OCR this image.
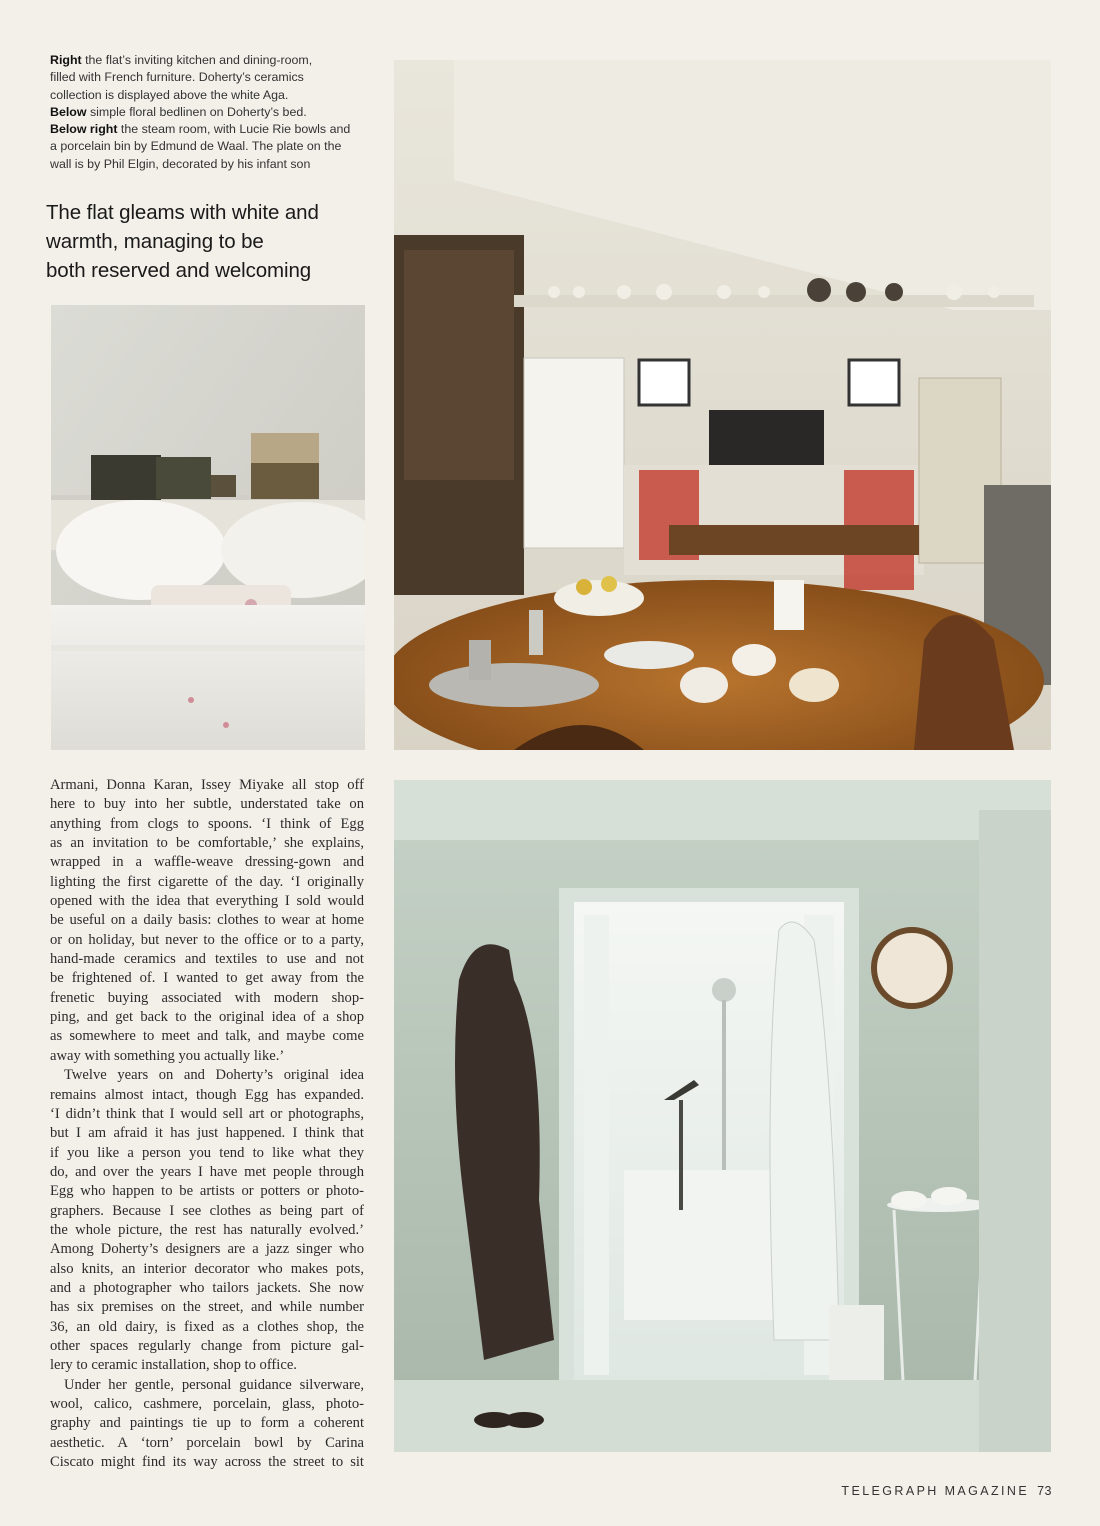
Right the flat’s inviting kitchen and dining-room,
filled with French furniture. Doherty’s ceramics
collection is displayed above the white Aga.

Below simple floral bedlinen on Doherty’s bed.

Below right the steam room, with Lucie Rie bowls and
a porcelain bin by Edmund de Waal. The plate on the
wall is by Phil Elgin, decorated by his infant son

The flat gleams with white and
warmth, managing to be
both reserved and welcoming

Armani, Donna Karan, Issey Miyake all stop off
here to buy into her subtle, understated take on
anything from clogs to spoons. ‘I think of Egg
as an invitation to be comfortable,’ she explains,
wrapped in a waffle-weave dressing-gown and
lighting the first cigarette of the day. ‘I originally
opened with the idea that everything I sold would
be useful on a daily basis: clothes to wear at home
or on holiday, but never to the office or to a party,
hand-made ceramics and textiles to use and not
be frightened of. I wanted to get away from the
frenetic buying associated with modern shop-
ping, and get back to the original idea of a shop
as somewhere to meet and talk, and maybe come
away with something you actually like.’

Twelve years on and Doherty’s original idea
remains almost intact, though Egg has expanded.
‘I didn’t think that I would sell art or photographs,
but I am afraid it has just happened. I think that
if you like a person you tend to like what they
do, and over the years I have met people through
Egg who happen to be artists or potters or photo-
graphers. Because I see clothes as being part of
the whole picture, the rest has naturally evolved.’
Among Doherty’s designers are a jazz singer who
also knits, an interior decorator who makes pots,
and a photographer who tailors jackets. She now
has six premises on the street, and while number
36, an old dairy, is fixed as a clothes shop, the
other spaces regularly change from picture gal-
lery to ceramic installation, shop to office.

Under her gentle, personal guidance silverware,
wool, calico, cashmere, porcelain, glass, photo-
graphy and paintings tie up to form a coherent
aesthetic. A ‘torn’ porcelain bowl by Carina
Ciscato might find its way across the street to sit

TELEGRAPH MAGAZINE 73
